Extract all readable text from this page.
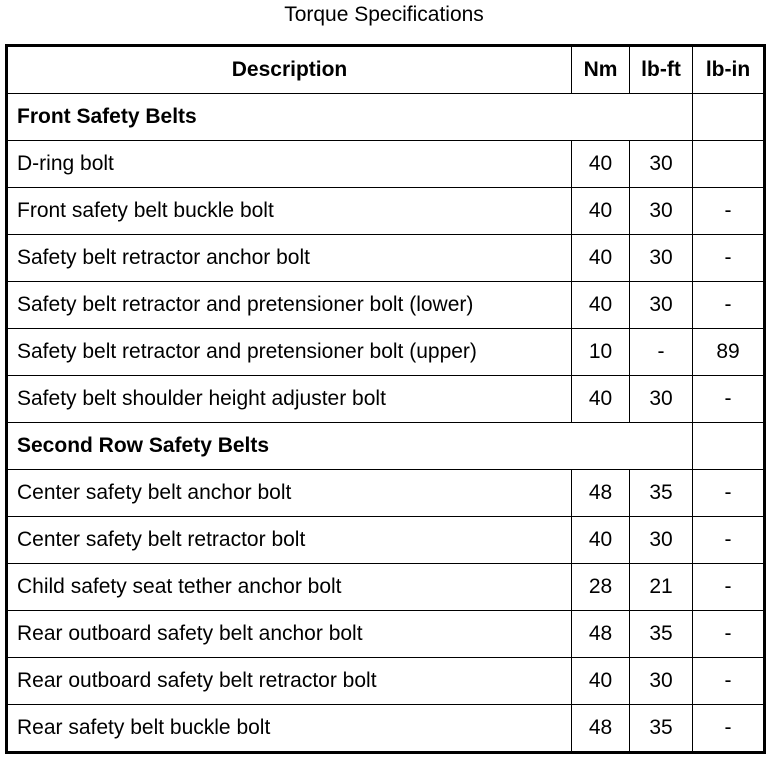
Torque Specifications
Description	Nm	lb-ft	lb-in
Front Safety Belts			
D-ring bolt	40	30	
Front safety belt buckle bolt	40	30	-
Safety belt retractor anchor bolt	40	30	-
Safety belt retractor and pretensioner bolt (lower)	40	30	-
Safety belt retractor and pretensioner bolt (upper)	10	-	89
Safety belt shoulder height adjuster bolt	40	30	-
Second Row Safety Belts			
Center safety belt anchor bolt	48	35	-
Center safety belt retractor bolt	40	30	-
Child safety seat tether anchor bolt	28	21	-
Rear outboard safety belt anchor bolt	48	35	-
Rear outboard safety belt retractor bolt	40	30	-
Rear safety belt buckle bolt	48	35	-
